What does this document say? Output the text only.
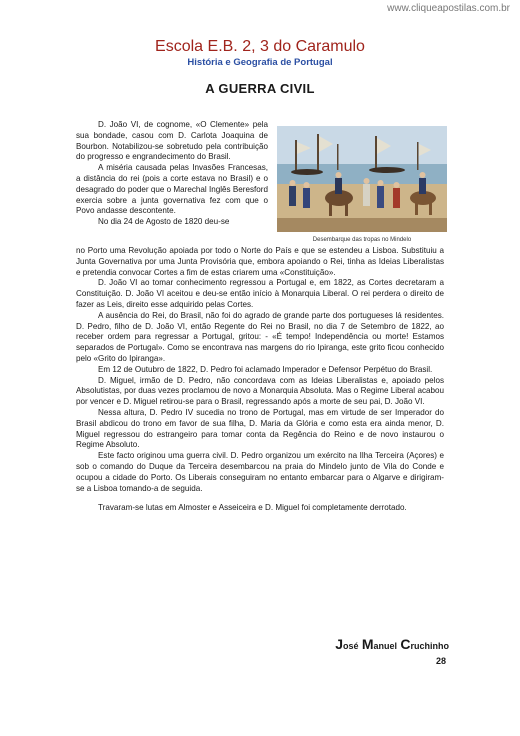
www.cliqueapostilas.com.br
Escola E.B. 2, 3 do Caramulo
História e Geografia de Portugal
A GUERRA CIVIL
Desembarque das tropas no Mindelo

D. João VI, de cognome, «O Clemente» pela sua bondade, casou com D. Carlota Joaquina de Bourbon. Notabilizou-se sobretudo pela contribuição do progresso e engrandecimento do Brasil.

A miséria causada pelas Invasões Francesas, a distância do rei (pois a corte estava no Brasil) e o desagrado do poder que o Marechal Inglês Beresford exercia sobre a junta governativa fez com que o Povo andasse descontente.

No dia 24 de Agosto de 1820 deu-se

no Porto uma Revolução apoiada por todo o Norte do País e que se estendeu a Lisboa. Substituiu a Junta Governativa por uma Junta Provisória que, embora apoiando o Rei, tinha as Ideias Liberalistas e pretendia convocar Cortes a fim de estas criarem uma «Constituição».

D. João VI ao tomar conhecimento regressou a Portugal e, em 1822, as Cortes decretaram a Constituição. D. João VI aceitou e deu-se então início à Monarquia Liberal. O rei perdera o direito de fazer as Leis, direito esse adquirido pelas Cortes.

A ausência do Rei, do Brasil, não foi do agrado de grande parte dos portugueses lá residentes. D. Pedro, filho de D. João VI, então Regente do Rei no Brasil, no dia 7 de Setembro de 1822, ao receber ordem para regressar a Portugal, gritou: - «É tempo! Independência ou morte! Estamos separados de Portugal». Como se encontrava nas margens do rio Ipiranga, este grito ficou conhecido pelo «Grito do Ipiranga».

Em 12 de Outubro de 1822, D. Pedro foi aclamado Imperador e Defensor Perpétuo do Brasil.

D. Miguel, irmão de D. Pedro, não concordava com as Ideias Liberalistas e, apoiado pelos Absolutistas, por duas vezes proclamou de novo a Monarquia Absoluta. Mas o Regime Liberal acabou por vencer e D. Miguel retirou-se para o Brasil, regressando após a morte de seu pai, D. João VI.

Nessa altura, D. Pedro IV sucedia no trono de Portugal, mas em virtude de ser Imperador do Brasil abdicou do trono em favor de sua filha, D. Maria da Glória e como esta era ainda menor, D. Miguel regressou do estrangeiro para tomar conta da Regência do Reino e de novo instaurou o Regime Absoluto.

Este facto originou uma guerra civil. D. Pedro organizou um exército na Ilha Terceira (Açores) e sob o comando do Duque da Terceira desembarcou na praia do Mindelo junto de Vila do Conde e ocupou a cidade do Porto. Os Liberais conseguiram no entanto embarcar para o Algarve e dirigiram-se a Lisboa tomando-a de seguida.

Travaram-se lutas em Almoster e Asseiceira e D. Miguel foi completamente derrotado.

José Manuel Cruchinho
28
